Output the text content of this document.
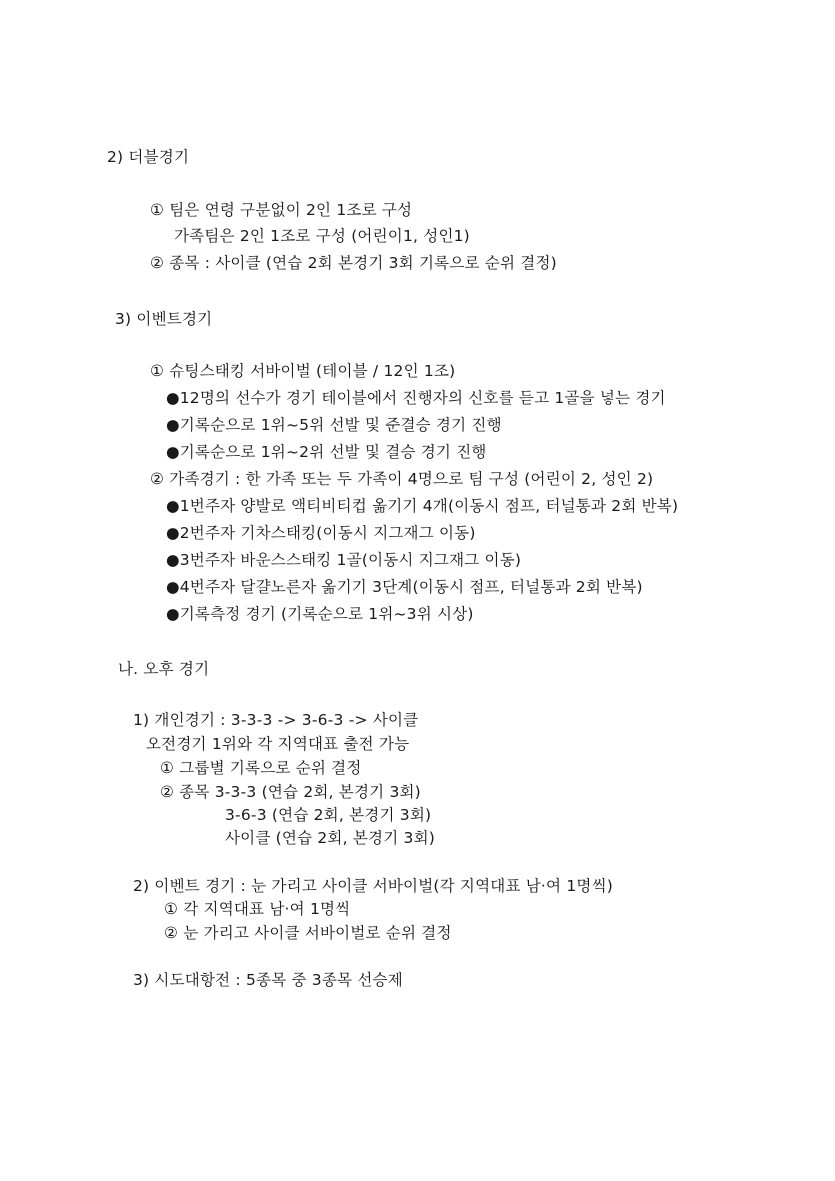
2) 더블경기
① 팀은 연령 구분없이 2인 1조로 구성
가족팀은 2인 1조로 구성 (어린이1, 성인1)
② 종목 : 사이클 (연습 2회 본경기 3회 기록으로 순위 결정)
3) 이벤트경기
① 슈팅스태킹 서바이벌 (테이블 / 12인 1조)
●12명의 선수가 경기 테이블에서 진행자의 신호를 듣고 1골을 넣는 경기
●기록순으로 1위~5위 선발 및 준결승 경기 진행
●기록순으로 1위~2위 선발 및 결승 경기 진행
② 가족경기 : 한 가족 또는 두 가족이 4명으로 팀 구성 (어린이 2, 성인 2)
●1번주자 양발로 액티비티컵 옮기기 4개(이동시 점프, 터널통과 2회 반복)
●2번주자 기차스태킹(이동시 지그재그 이동)
●3번주자 바운스스태킹 1골(이동시 지그재그 이동)
●4번주자 달걀노른자 옮기기 3단계(이동시 점프, 터널통과 2회 반복)
●기록측정 경기 (기록순으로 1위~3위 시상)
나. 오후 경기
1) 개인경기 : 3-3-3 -> 3-6-3 -> 사이클
오전경기 1위와 각 지역대표 출전 가능
① 그룹별 기록으로 순위 결정
② 종목 3-3-3 (연습 2회, 본경기 3회)
3-6-3 (연습 2회, 본경기 3회)
사이클 (연습 2회, 본경기 3회)
2) 이벤트 경기 : 눈 가리고 사이클 서바이벌(각 지역대표 남·여 1명씩)
① 각 지역대표 남·여 1명씩
② 눈 가리고 사이클 서바이벌로 순위 결정
3) 시도대항전 : 5종목 중 3종목 선승제
